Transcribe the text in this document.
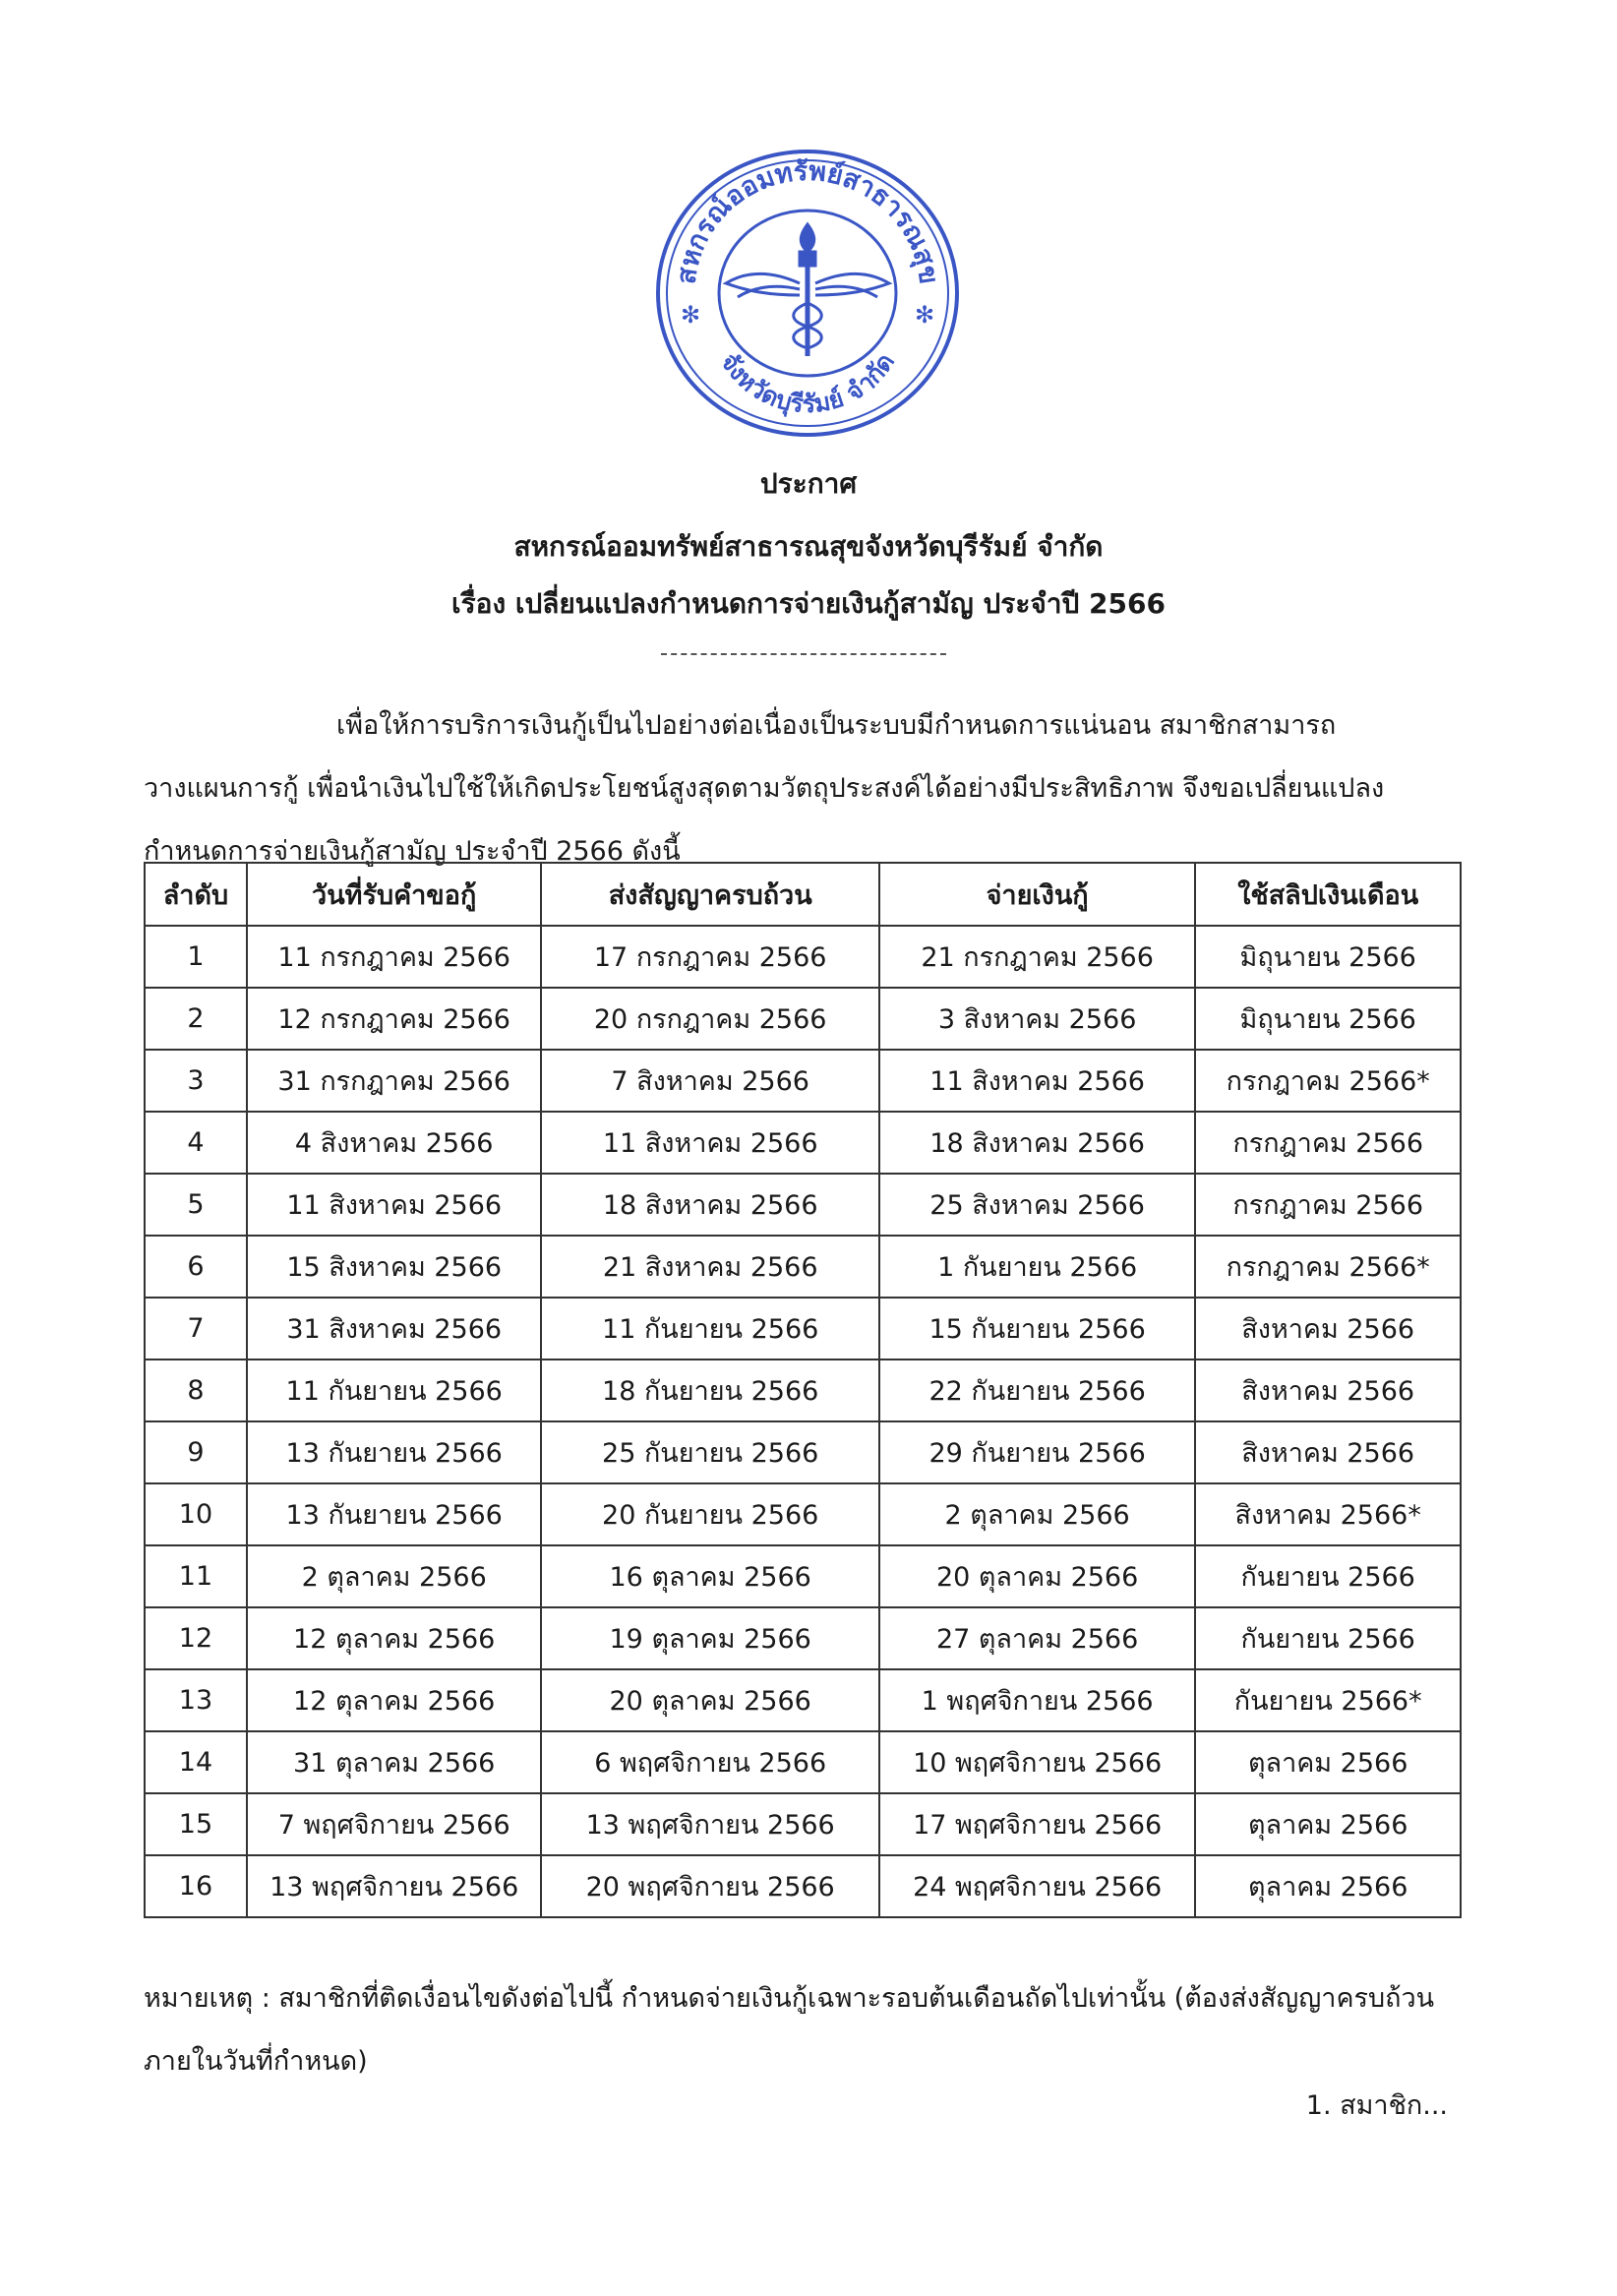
สหกรณ์ออมทรัพย์สาธารณสุข
จังหวัดบุรีรัมย์ จำกัด
✻	✻
ประกาศ
สหกรณ์ออมทรัพย์สาธารณสุขจังหวัดบุรีรัมย์ จำกัด
เรื่อง เปลี่ยนแปลงกำหนดการจ่ายเงินกู้สามัญ ประจำปี 2566
เพื่อให้การบริการเงินกู้เป็นไปอย่างต่อเนื่องเป็นระบบมีกำหนดการแน่นอน สมาชิกสามารถ
วางแผนการกู้ เพื่อนำเงินไปใช้ให้เกิดประโยชน์สูงสุดตามวัตถุประสงค์ได้อย่างมีประสิทธิภาพ จึงขอเปลี่ยนแปลง
กำหนดการจ่ายเงินกู้สามัญ ประจำปี 2566 ดังนี้
ลำดับ	วันที่รับคำขอกู้	ส่งสัญญาครบถ้วน	จ่ายเงินกู้	ใช้สลิปเงินเดือน
1	11 กรกฎาคม 2566	17 กรกฎาคม 2566	21 กรกฎาคม 2566	มิถุนายน 2566
2	12 กรกฎาคม 2566	20 กรกฎาคม 2566	3 สิงหาคม 2566	มิถุนายน 2566
3	31 กรกฎาคม 2566	7 สิงหาคม 2566	11 สิงหาคม 2566	กรกฎาคม 2566*
4	4 สิงหาคม 2566	11 สิงหาคม 2566	18 สิงหาคม 2566	กรกฎาคม 2566
5	11 สิงหาคม 2566	18 สิงหาคม 2566	25 สิงหาคม 2566	กรกฎาคม 2566
6	15 สิงหาคม 2566	21 สิงหาคม 2566	1 กันยายน 2566	กรกฎาคม 2566*
7	31 สิงหาคม 2566	11 กันยายน 2566	15 กันยายน 2566	สิงหาคม 2566
8	11 กันยายน 2566	18 กันยายน 2566	22 กันยายน 2566	สิงหาคม 2566
9	13 กันยายน 2566	25 กันยายน 2566	29 กันยายน 2566	สิงหาคม 2566
10	13 กันยายน 2566	20 กันยายน 2566	2 ตุลาคม 2566	สิงหาคม 2566*
11	2 ตุลาคม 2566	16 ตุลาคม 2566	20 ตุลาคม 2566	กันยายน 2566
12	12 ตุลาคม 2566	19 ตุลาคม 2566	27 ตุลาคม 2566	กันยายน 2566
13	12 ตุลาคม 2566	20 ตุลาคม 2566	1 พฤศจิกายน 2566	กันยายน 2566*
14	31 ตุลาคม 2566	6 พฤศจิกายน 2566	10 พฤศจิกายน 2566	ตุลาคม 2566
15	7 พฤศจิกายน 2566	13 พฤศจิกายน 2566	17 พฤศจิกายน 2566	ตุลาคม 2566
16	13 พฤศจิกายน 2566	20 พฤศจิกายน 2566	24 พฤศจิกายน 2566	ตุลาคม 2566
หมายเหตุ : สมาชิกที่ติดเงื่อนไขดังต่อไปนี้ กำหนดจ่ายเงินกู้เฉพาะรอบต้นเดือนถัดไปเท่านั้น (ต้องส่งสัญญาครบถ้วน
ภายในวันที่กำหนด)
1. สมาชิก...
